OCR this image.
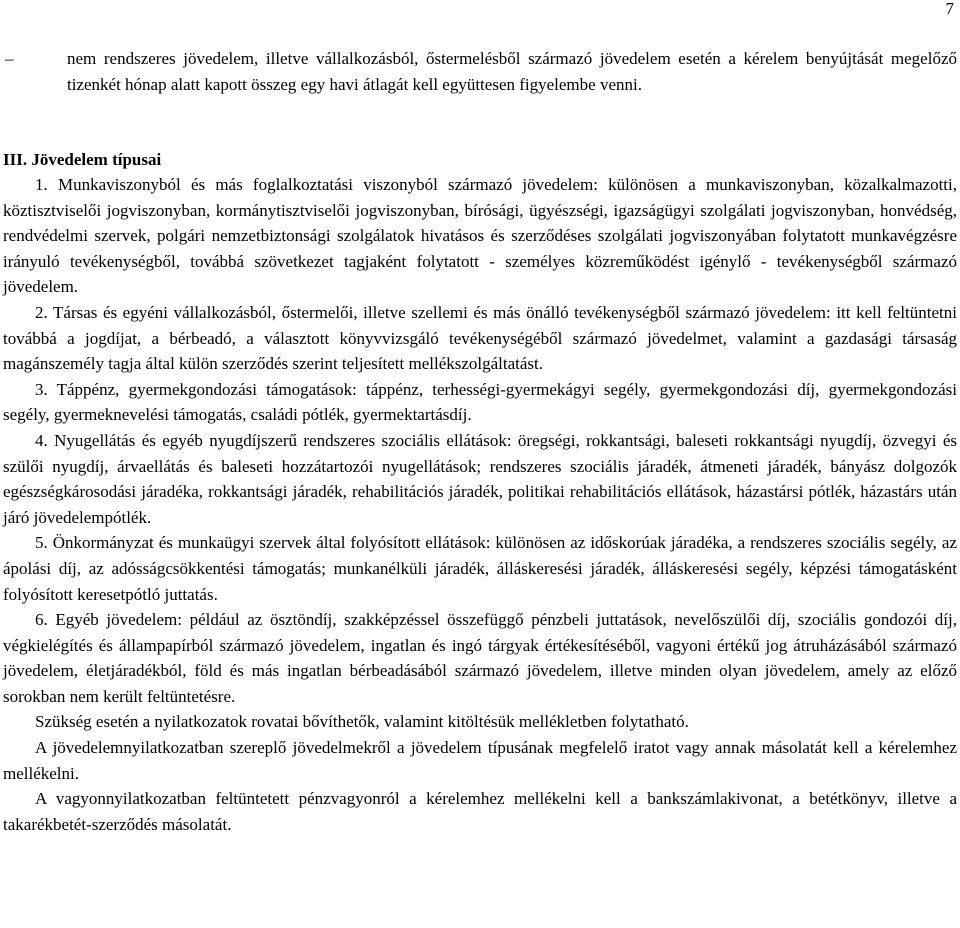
7
–	nem rendszeres jövedelem, illetve vállalkozásból, őstermelésből származó jövedelem esetén a kérelem benyújtását megelőző tizenkét hónap alatt kapott összeg egy havi átlagát kell együttesen figyelembe venni.
III. Jövedelem típusai

1. Munkaviszonyból és más foglalkoztatási viszonyból származó jövedelem: különösen a munkaviszonyban, közalkalmazotti, köztisztviselői jogviszonyban, kormánytisztviselői jogviszonyban, bírósági, ügyészségi, igazságügyi szolgálati jogviszonyban, honvédség, rendvédelmi szervek, polgári nemzetbiztonsági szolgálatok hivatásos és szerződéses szolgálati jogviszonyában folytatott munkavégzésre irányuló tevékenységből, továbbá szövetkezet tagjaként folytatott - személyes közreműködést igénylő - tevékenységből származó jövedelem.

2. Társas és egyéni vállalkozásból, őstermelői, illetve szellemi és más önálló tevékenységből származó jövedelem: itt kell feltüntetni továbbá a jogdíjat, a bérbeadó, a választott könyvvizsgáló tevékenységéből származó jövedelmet, valamint a gazdasági társaság magánszemély tagja által külön szerződés szerint teljesített mellékszolgáltatást.

3. Táppénz, gyermekgondozási támogatások: táppénz, terhességi-gyermekágyi segély, gyermekgondozási díj, gyermekgondozási segély, gyermeknevelési támogatás, családi pótlék, gyermektartásdíj.

4. Nyugellátás és egyéb nyugdíjszerű rendszeres szociális ellátások: öregségi, rokkantsági, baleseti rokkantsági nyugdíj, özvegyi és szülői nyugdíj, árvaellátás és baleseti hozzátartozói nyugellátások; rendszeres szociális járadék, átmeneti járadék, bányász dolgozók egészségkárosodási járadéka, rokkantsági járadék, rehabilitációs járadék, politikai rehabilitációs ellátások, házastársi pótlék, házastárs után járó jövedelempótlék.

5. Önkormányzat és munkaügyi szervek által folyósított ellátások: különösen az időskorúak járadéka, a rendszeres szociális segély, az ápolási díj, az adósságcsökkentési támogatás; munkanélküli járadék, álláskeresési járadék, álláskeresési segély, képzési támogatásként folyósított keresetpótló juttatás.

6. Egyéb jövedelem: például az ösztöndíj, szakképzéssel összefüggő pénzbeli juttatások, nevelőszülői díj, szociális gondozói díj, végkielégítés és állampapírból származó jövedelem, ingatlan és ingó tárgyak értékesítéséből, vagyoni értékű jog átruházásából származó jövedelem, életjáradékból, föld és más ingatlan bérbeadásából származó jövedelem, illetve minden olyan jövedelem, amely az előző sorokban nem került feltüntetésre.

Szükség esetén a nyilatkozatok rovatai bővíthetők, valamint kitöltésük mellékletben folytatható.

A jövedelemnyilatkozatban szereplő jövedelmekről a jövedelem típusának megfelelő iratot vagy annak másolatát kell a kérelemhez mellékelni.

A vagyonnyilatkozatban feltüntetett pénzvagyonról a kérelemhez mellékelni kell a bankszámlakivonat, a betétkönyv, illetve a takarékbetét-szerződés másolatát.
